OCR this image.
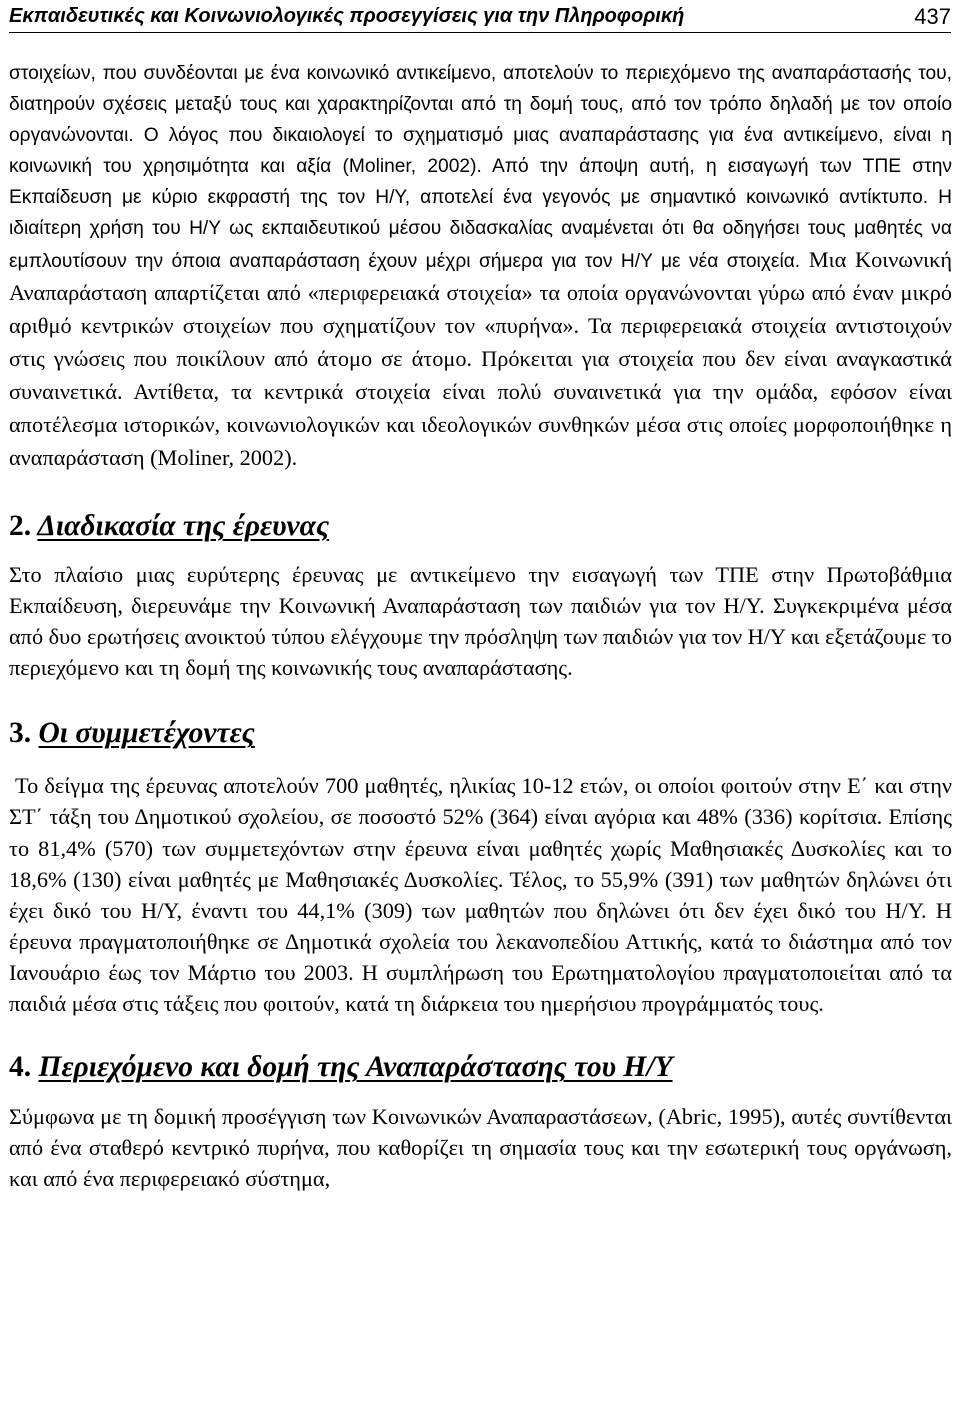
Εκπαιδευτικές και Κοινωνιολογικές προσεγγίσεις για την Πληροφορική	437

στοιχείων, που συνδέονται με ένα κοινωνικό αντικείμενο, αποτελούν το περιεχόμενο της αναπαράστασής του, διατηρούν σχέσεις μεταξύ τους και χαρακτηρίζονται από τη δομή τους, από τον τρόπο δηλαδή με τον οποίο οργανώνονται. Ο λόγος που δικαιολογεί το σχηματισμό μιας αναπαράστασης για ένα αντικείμενο, είναι η κοινωνική του χρησιμότητα και αξία (Moliner, 2002). Από την άποψη αυτή, η εισαγωγή των ΤΠΕ στην Εκπαίδευση με κύριο εκφραστή της τον Η/Υ, αποτελεί ένα γεγονός με σημαντικό κοινωνικό αντίκτυπο. Η ιδιαίτερη χρήση του Η/Υ ως εκπαιδευτικού μέσου διδασκαλίας αναμένεται ότι θα οδηγήσει τους μαθητές να εμπλουτίσουν την όποια αναπαράσταση έχουν μέχρι σήμερα για τον Η/Υ με νέα στοιχεία. Μια Κοινωνική Αναπαράσταση απαρτίζεται από «περιφερειακά στοιχεία» τα οποία οργανώνονται γύρω από έναν μικρό αριθμό κεντρικών στοιχείων που σχηματίζουν τον «πυρήνα». Τα περιφερειακά στοιχεία αντιστοιχούν στις γνώσεις που ποικίλουν από άτομο σε άτομο. Πρόκειται για στοιχεία που δεν είναι αναγκαστικά συναινετικά. Αντίθετα, τα κεντρικά στοιχεία είναι πολύ συναινετικά για την ομάδα, εφόσον είναι αποτέλεσμα ιστορικών, κοινωνιολογικών και ιδεολογικών συνθηκών μέσα στις οποίες μορφοποιήθηκε η αναπαράσταση (Moliner, 2002).

2. Διαδικασία της έρευνας

Στο πλαίσιο μιας ευρύτερης έρευνας με αντικείμενο την εισαγωγή των ΤΠΕ στην Πρωτοβάθμια Εκπαίδευση, διερευνάμε την Κοινωνική Αναπαράσταση των παιδιών για τον Η/Υ. Συγκεκριμένα μέσα από δυο ερωτήσεις ανοικτού τύπου ελέγχουμε την πρόσληψη των παιδιών για τον Η/Υ και εξετάζουμε το περιεχόμενο και τη δομή της κοινωνικής τους αναπαράστασης.

3. Οι συμμετέχοντες

Το δείγμα της έρευνας αποτελούν 700 μαθητές, ηλικίας 10-12 ετών, οι οποίοι φοιτούν στην Ε΄ και στην ΣΤ΄ τάξη του Δημοτικού σχολείου, σε ποσοστό 52% (364) είναι αγόρια και 48% (336) κορίτσια. Επίσης το 81,4% (570) των συμμετεχόντων στην έρευνα είναι μαθητές χωρίς Μαθησιακές Δυσκολίες και το 18,6% (130) είναι μαθητές με Μαθησιακές Δυσκολίες. Τέλος, το 55,9% (391) των μαθητών δηλώνει ότι έχει δικό του Η/Υ, έναντι του 44,1% (309) των μαθητών που δηλώνει ότι δεν έχει δικό του Η/Υ. Η έρευνα πραγματοποιήθηκε σε Δημοτικά σχολεία του λεκανοπεδίου Αττικής, κατά το διάστημα από τον Ιανουάριο έως τον Μάρτιο του 2003. Η συμπλήρωση του Ερωτηματολογίου πραγματοποιείται από τα παιδιά μέσα στις τάξεις που φοιτούν, κατά τη διάρκεια του ημερήσιου προγράμματός τους.

4. Περιεχόμενο και δομή της Αναπαράστασης του Η/Υ

Σύμφωνα με τη δομική προσέγγιση των Κοινωνικών Αναπαραστάσεων, (Abric, 1995), αυτές συντίθενται από ένα σταθερό κεντρικό πυρήνα, που καθορίζει τη σημασία τους και την εσωτερική τους οργάνωση, και από ένα περιφερειακό σύστημα,
